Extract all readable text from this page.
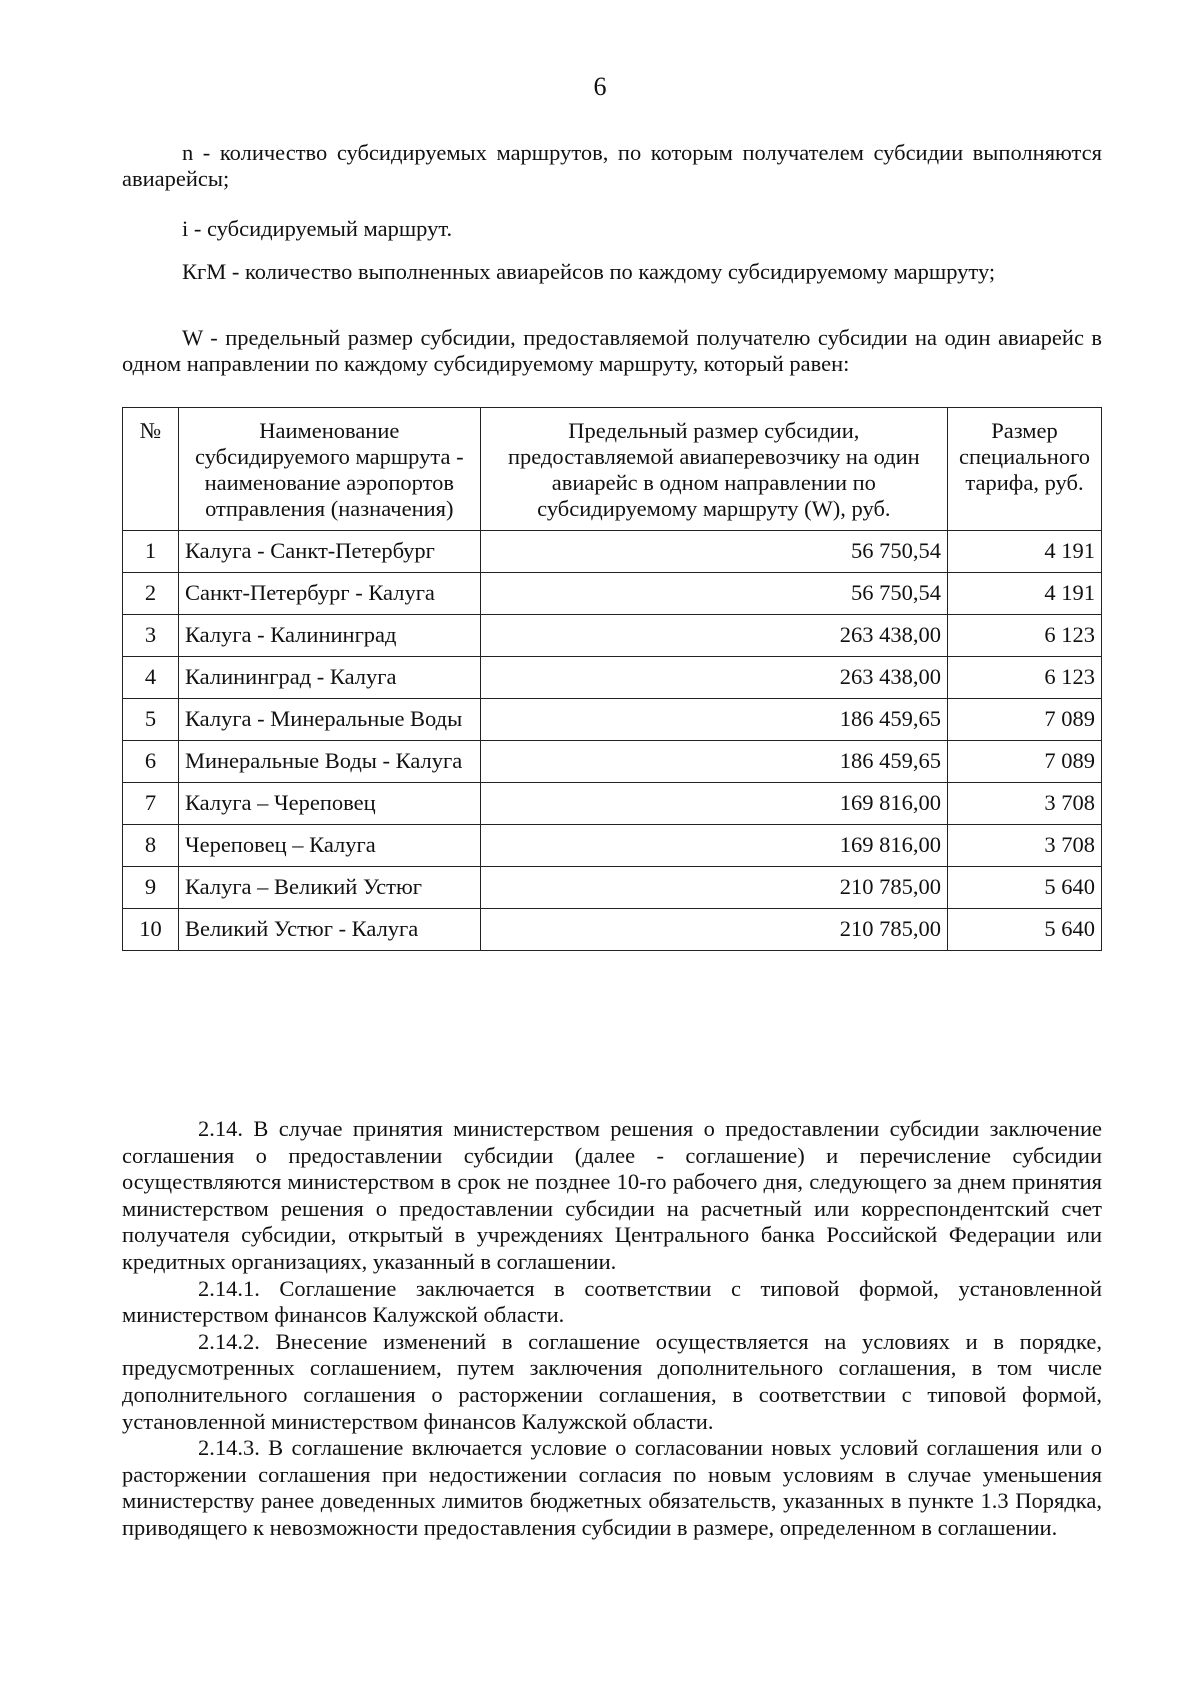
6

n - количество субсидируемых маршрутов, по которым получателем субсидии выполняются авиарейсы;

i - субсидируемый маршрут.

КгМ - количество выполненных авиарейсов по каждому субсидируемому маршруту;

W - предельный размер субсидии, предоставляемой получателю субсидии на один авиарейс в одном направлении по каждому субсидируемому маршруту, который равен:

№	Наименование субсидируемого маршрута - наименование аэропортов отправления (назначения)	Предельный размер субсидии, предоставляемой авиаперевозчику на один авиарейс в одном направлении по субсидируемому маршруту (W), руб.	Размер специального тарифа, руб.
1	Калуга - Санкт-Петербург	56 750,54	4 191
2	Санкт-Петербург - Калуга	56 750,54	4 191
3	Калуга - Калининград	263 438,00	6 123
4	Калининград - Калуга	263 438,00	6 123
5	Калуга - Минеральные Воды	186 459,65	7 089
6	Минеральные Воды - Калуга	186 459,65	7 089
7	Калуга – Череповец	169 816,00	3 708
8	Череповец – Калуга	169 816,00	3 708
9	Калуга – Великий Устюг	210 785,00	5 640
10	Великий Устюг - Калуга	210 785,00	5 640

2.14. В случае принятия министерством решения о предоставлении субсидии заключение соглашения о предоставлении субсидии (далее - соглашение) и перечисление субсидии осуществляются министерством в срок не позднее 10-го рабочего дня, следующего за днем принятия министерством решения о предоставлении субсидии на расчетный или корреспондентский счет получателя субсидии, открытый в учреждениях Центрального банка Российской Федерации или кредитных организациях, указанный в соглашении.

2.14.1. Соглашение заключается в соответствии с типовой формой, установленной министерством финансов Калужской области.

2.14.2. Внесение изменений в соглашение осуществляется на условиях и в порядке, предусмотренных соглашением, путем заключения дополнительного соглашения, в том числе дополнительного соглашения о расторжении соглашения, в соответствии с типовой формой, установленной министерством финансов Калужской области.

2.14.3. В соглашение включается условие о согласовании новых условий соглашения или о расторжении соглашения при недостижении согласия по новым условиям в случае уменьшения министерству ранее доведенных лимитов бюджетных обязательств, указанных в пункте 1.3 Порядка, приводящего к невозможности предоставления субсидии в размере, определенном в соглашении.
